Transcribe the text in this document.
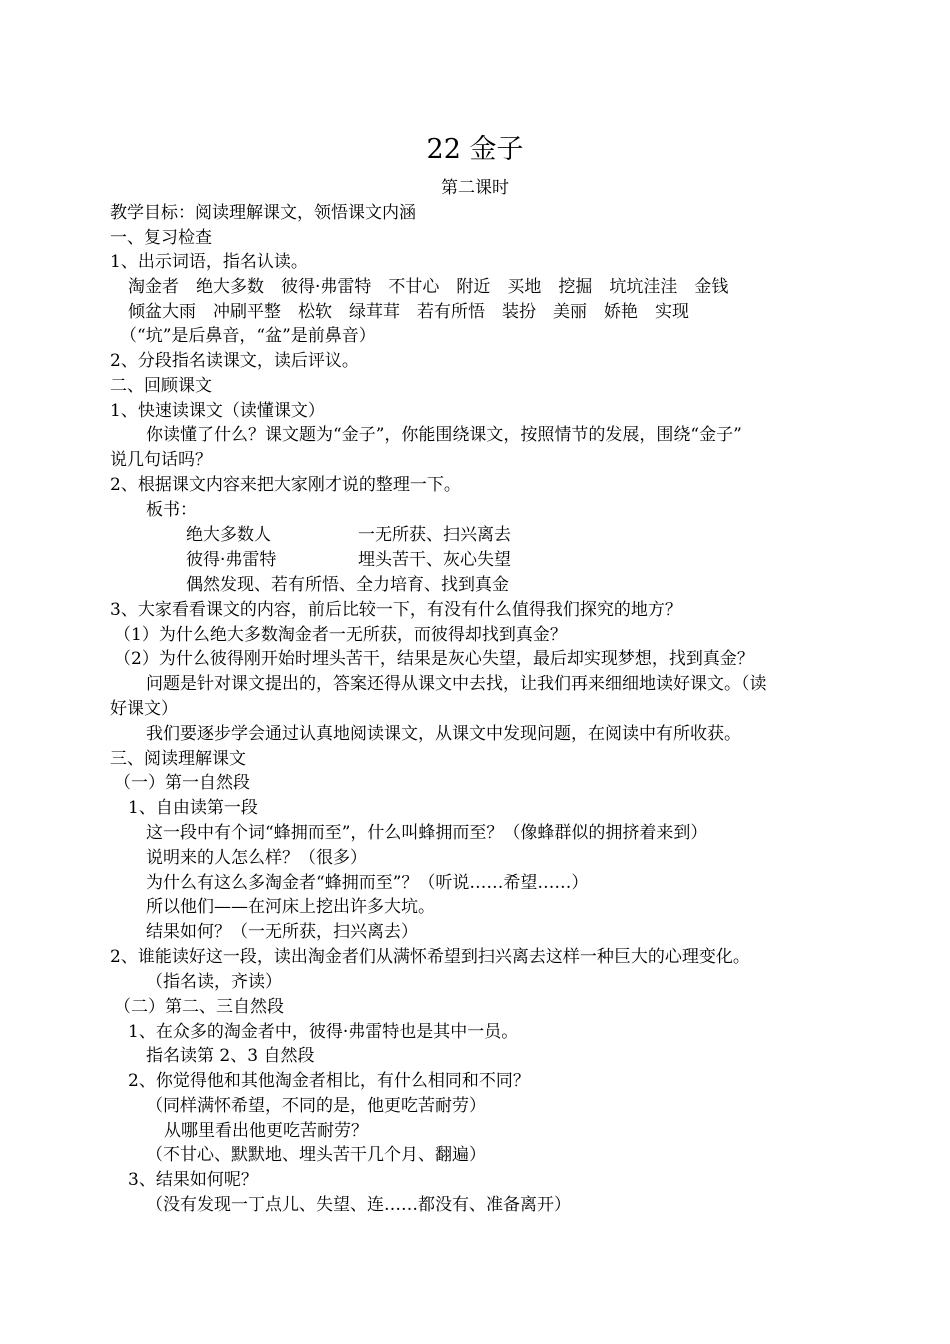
22 金子
第二课时
教学目标：阅读理解课文，领悟课文内涵
一、复习检查
1、出示词语，指名认读。
淘金者　绝大多数　彼得·弗雷特　不甘心　附近　买地　挖掘　坑坑洼洼　金钱
倾盆大雨　冲刷平整　松软　绿茸茸　若有所悟　装扮　美丽　娇艳　实现
（“坑”是后鼻音，“盆”是前鼻音）
2、分段指名读课文，读后评议。
二、回顾课文
1、快速读课文（读懂课文）
你读懂了什么？课文题为“金子”，你能围绕课文，按照情节的发展，围绕“金子”
说几句话吗？
2、根据课文内容来把大家刚才说的整理一下。
板书：
绝大多数人	一无所获、扫兴离去
彼得·弗雷特	埋头苦干、灰心失望
偶然发现、若有所悟、全力培育、找到真金
3、大家看看课文的内容，前后比较一下，有没有什么值得我们探究的地方？
（1）为什么绝大多数淘金者一无所获，而彼得却找到真金？
（2）为什么彼得刚开始时埋头苦干，结果是灰心失望，最后却实现梦想，找到真金？
问题是针对课文提出的，答案还得从课文中去找，让我们再来细细地读好课文。（读
好课文）
我们要逐步学会通过认真地阅读课文，从课文中发现问题，在阅读中有所收获。
三、阅读理解课文
（一）第一自然段
1、自由读第一段
这一段中有个词“蜂拥而至”，什么叫蜂拥而至？（像蜂群似的拥挤着来到）
说明来的人怎么样？（很多）
为什么有这么多淘金者“蜂拥而至”？（听说……希望……）
所以他们——在河床上挖出许多大坑。
结果如何？（一无所获，扫兴离去）
2、谁能读好这一段，读出淘金者们从满怀希望到扫兴离去这样一种巨大的心理变化。
（指名读，齐读）
（二）第二、三自然段
1、在众多的淘金者中，彼得·弗雷特也是其中一员。
指名读第 2、3 自然段
2、你觉得他和其他淘金者相比，有什么相同和不同？
（同样满怀希望，不同的是，他更吃苦耐劳）
从哪里看出他更吃苦耐劳？
（不甘心、默默地、埋头苦干几个月、翻遍）
3、结果如何呢？
（没有发现一丁点儿、失望、连……都没有、准备离开）
